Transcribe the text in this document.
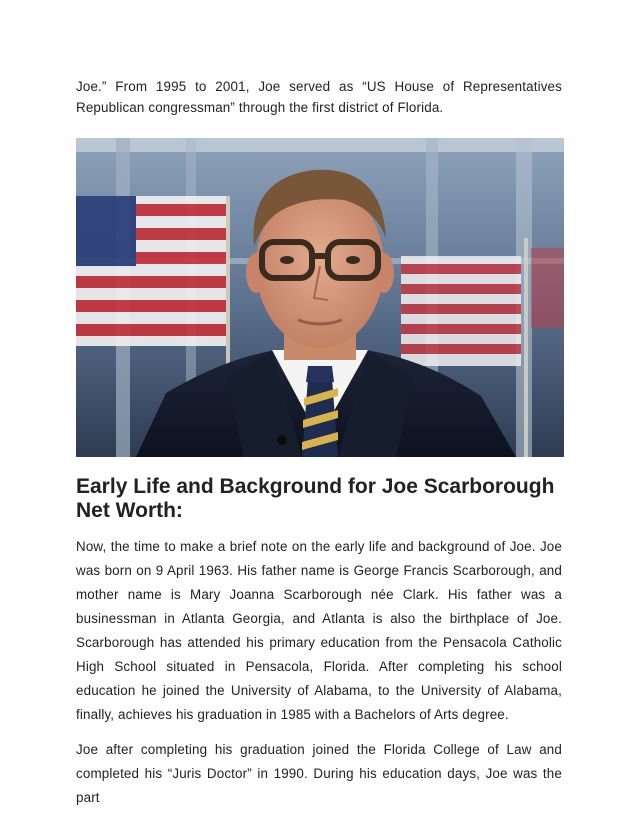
Joe.” From 1995 to 2001, Joe served as “US House of Representatives Republican congressman” through the first district of Florida.

Early Life and Background for Joe Scarborough Net Worth:

Now, the time to make a brief note on the early life and background of Joe. Joe was born on 9 April 1963. His father name is George Francis Scarborough, and mother name is Mary Joanna Scarborough née Clark. His father was a businessman in Atlanta Georgia, and Atlanta is also the birthplace of Joe. Scarborough has attended his primary education from the Pensacola Catholic High School situated in Pensacola, Florida. After completing his school education he joined the University of Alabama, to the University of Alabama, finally, achieves his graduation in 1985 with a Bachelors of Arts degree.

Joe after completing his graduation joined the Florida College of Law and completed his “Juris Doctor” in 1990. During his education days, Joe was the part
